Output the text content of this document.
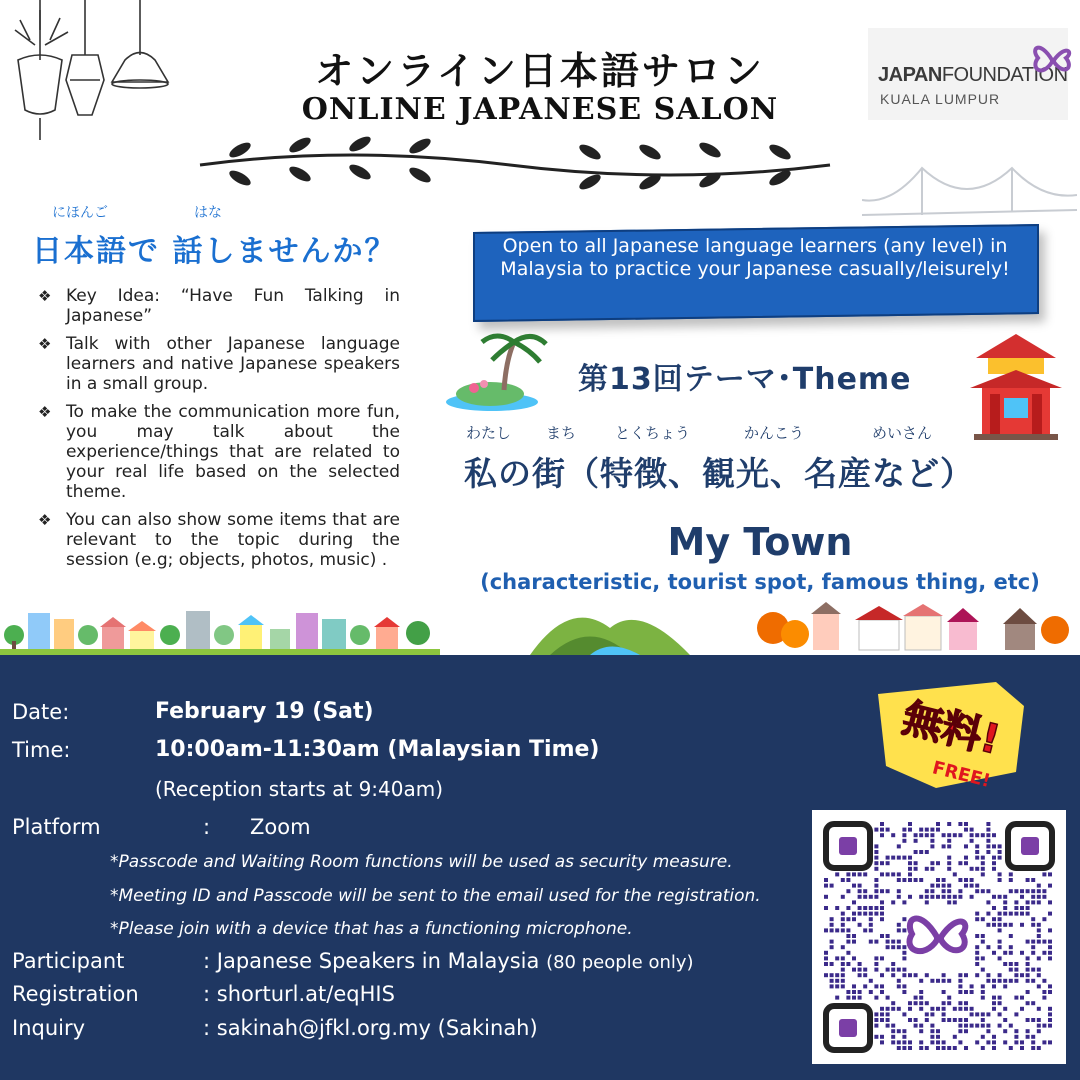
オンライン日本語サロン
ONLINE JAPANESE SALON
JAPANFOUNDATION
KUALA LUMPUR
にほんご	はな
日本語で 話しませんか？
❖ Key Idea: “Have Fun Talking in Japanese”
❖ Talk with other Japanese language learners and native Japanese speakers in a small group.
❖ To make the communication more fun, you may talk about the experience/things that are related to your real life based on the selected theme.
❖ You can also show some items that are relevant to the topic during the session (e.g; objects, photos, music) .
Open to all Japanese language learners (any level) in Malaysia to practice your Japanese casually/leisurely!
第13回テーマ･Theme
わたし まち	とくちょう	かんこう	めいさん
私の街（特徴、観光、名産など）
My Town
(characteristic, tourist spot, famous thing, etc)
Date:	February 19 (Sat)
Time:	10:00am-11:30am (Malaysian Time)
(Reception starts at 9:40am)
Platform	: Zoom
*Passcode and Waiting Room functions will be used as security measure.
*Meeting ID and Passcode will be sent to the email used for the registration.
*Please join with a device that has a functioning microphone.
Participant	: Japanese Speakers in Malaysia (80 people only)
Registration	: shorturl.at/eqHIS
Inquiry	: sakinah@jfkl.org.my (Sakinah)
無料!
FREE!
